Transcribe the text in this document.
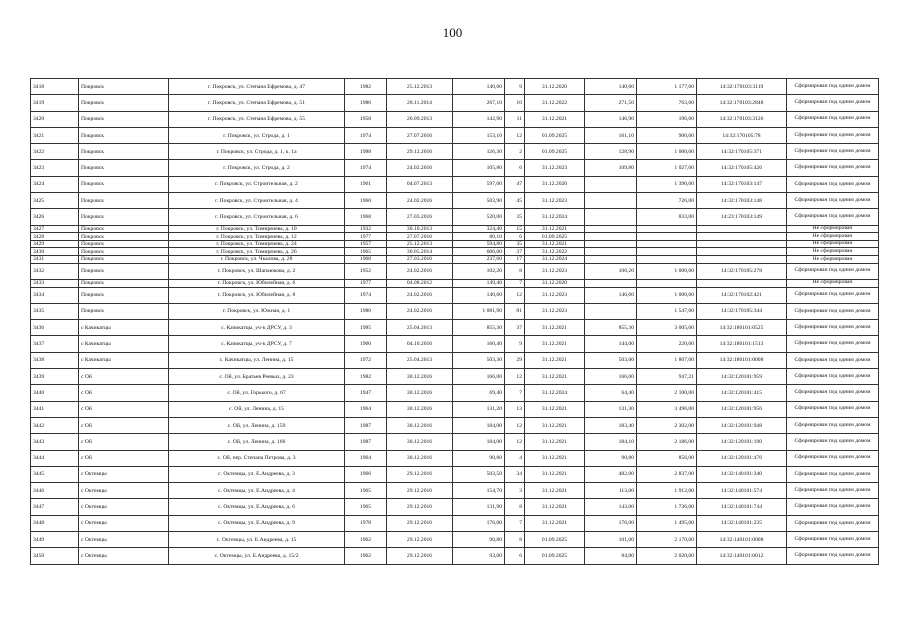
100
3418	Покровск	г. Покровск, ул. Степана Ефремова, д. 47	1982	25.12.2013	140,00	9	31.12.2020	140,60	1 177,00	14:32:170103:3119	Сформирован под одним домом
3419	Покровск	г. Покровск, ул. Степана Ефремова, д. 51	1986	28.11.2014	267,10	10	31.12.2022	271,50	763,00	14:32:170103:2848	Сформирован под одним домом
3420	Покровск	г. Покровск, ул. Степана Ефремова, д. 55	1958	26.09.2013	142,90	11	31.12.2021	146,90	196,00	14:32:170103:3126	Сформирован под одним домом
3421	Покровск	г. Покровск, ул. Строда, д. 1	1974	27.07.2016	153,10	12	01.09.2025	161,10	900,00	14:32:170105:78	Сформирован под одним домом
3422	Покровск	г. Покровск, ул. Строда, д. 1, к. 1а	1988	29.12.2016	126,30	2	01.09.2025	128,90	1 000,00	14:32:170105:371	Сформирован под одним домом
3423	Покровск	г. Покровск, ул. Строда, д. 2	1974	24.02.2016	105,80	6	31.12.2023	109,80	1 027,00	14:32:170105:426	Сформирован под одним домом
3424	Покровск	г. Покровск, ул. Строительная, д. 2	1961	04.07.2013	597,00	47	31.12.2020		1 390,00	14:32:170103:147	Сформирован под одним домом
3425	Покровск	г. Покровск, ул. Строительная, д. 4	1960	24.02.2016	503,90	45	31.12.2023		726,00	14:32:170103:148	Сформирован под одним домом
3426	Покровск	г. Покровск, ул. Строительная, д. 6	1968	27.03.2016	520,00	35	31.12.2024		833,00	14:23:170103:149	Сформирован под одним домом
3427	Покровск	г. Покровск, ул. Тимирязева, д. 10	1932	30.10.2013	324,40	15	31.12.2021				Не сформирован
3428	Покровск	г. Покровск, ул. Тимирязева, д. 12	1977	27.07.2016	80,10	6	01.09.2025				Не сформирован
3429	Покровск	г. Покровск, ул. Тимирязева, д. 24	1957	25.12.2013	594,80	35	31.12.2021				Не сформирован
3430	Покровск	г. Покровск, ул. Тимирязева, д. 26	1965	30.05.2014	606,00	37	31.12.2022				Не сформирован
3431	Покровск	г. Покровск, ул. Чкалова, д. 28	1968	27.03.2016	237,60	17	31.12.2024				Не сформирован
3432	Покровск	г. Покровск, ул. Шапаюкова, д. 2	1952	24.02.2016	102,20	8	31.12.2023	106,20	1 000,00	14:32:170105:278	Сформирован под одним домом
3433	Покровск	г. Покровск, ул. Юбилейная, д. 6	1977	04.08.2012	149,40	7	31.12.2020				Не сформирован
3434	Покровск	г. Покровск, ул. Юбилейная, д. 8	1974	24.02.2016	140,60	12	31.12.2023	146,60	1 000,00	14:32:170102:421	Сформирован под одним домом
3435	Покровск	г. Покровск, ул. Южная, д. 1	1980	24.02.2016	1 081,90	81	31.12.2023		1 547,00	14:32:170105:344	Сформирован под одним домом
3436	с Качикатцы	с. Качикатцы, уч-к ДРСУ, д. 3	1985	25.04.2013	855,30	37	31.12.2021	855,30	3 005,00	14:32:180101:0525	Сформирован под одним домом
3437	с Качикатцы	с. Качикатцы, уч-к ДРСУ, д. 7	1960	04.10.2016	160,40	9	31.12.2021	144,00	220,00	14:32:180101:1513	Сформирован под одним домом
3438	с Качикатцы	с. Качикатцы, ул. Ленина, д. 15	1972	25.04.2013	503,30	29	31.12.2021	503,60	1 807,00	14:32:180101:0008	Сформирован под одним домом
3439	с Ой	с. Ой, ул. Братьев Реевых, д. 23	1982	30.12.2016	166,00	12	31.12.2021	166,00	947,21	14:32:120101:959	Сформирован под одним домом
3440	с Ой	с. Ой, ул. Горького, д. 67	1947	30.12.2016	69,40	7	31.12.2024	64,40	2 100,00	14:32:120101:415	Сформирован под одним домом
3441	с Ой	с. Ой, ул. Ленина, д. 15	1964	30.12.2016	131,20	13	31.12.2021	131,30	3 496,00	14:32:120101:956	Сформирован под одним домом
3442	с Ой	с. Ой, ул. Ленина, д. 159	1987	30.12.2016	184,00	12	31.12.2021	183,40	2 302,00	14:32:120101:948	Сформирован под одним домом
3443	с Ой	с. Ой, ул. Ленина, д. 166	1987	30.12.2016	184,00	12	31.12.2021	184,10	2 186,00	14:32:120101:190	Сформирован под одним домом
3444	с Ой	с. Ой, пер. Степана Петрова, д. 3	1964	30.12.2016	90,80	4	31.12.2021	90,80	856,00	14:32:120101:476	Сформирован под одним домом
3445	с Октемцы	с. Октемцы, ул. Е.Андреева, д. 3	1966	29.12.2016	503,50	34	31.12.2021	482,00	2 837,00	14:32:140101:340	Сформирован под одним домом
3446	с Октемцы	с. Октемцы, ул. Е.Андреева, д. 4	1965	29.12.2016	154,70	3	31.12.2021	113,00	1 912,00	14:32:140101:574	Сформирован под одним домом
3447	с Октемцы	с. Октемцы, ул. Е.Андреева, д. 6	1965	29.12.2016	131,90	8	31.12.2021	143,00	1 736,00	14:32:140101:744	Сформирован под одним домом
3448	с Октемцы	с. Октемцы, ул. Е.Андреева, д. 9	1978	29.12.2016	176,00	7	31.12.2021	176,00	1 495,00	14:32:140101:235	Сформирован под одним домом
3449	с Октемцы	с. Октемцы, ул. Е.Андреева, д. 15	1962	29.12.2016	90,80	8	01.09.2025	101,00	2 170,00	14:32:140101:0008	Сформирован под одним домом
3450	с Октемцы	с. Октемцы, ул. Е.Андреева, д. 15/2	1962	29.12.2016	93,00	6	01.09.2025	84,00	2 020,00	14:32:140101:0012	Сформирован под одним домом
